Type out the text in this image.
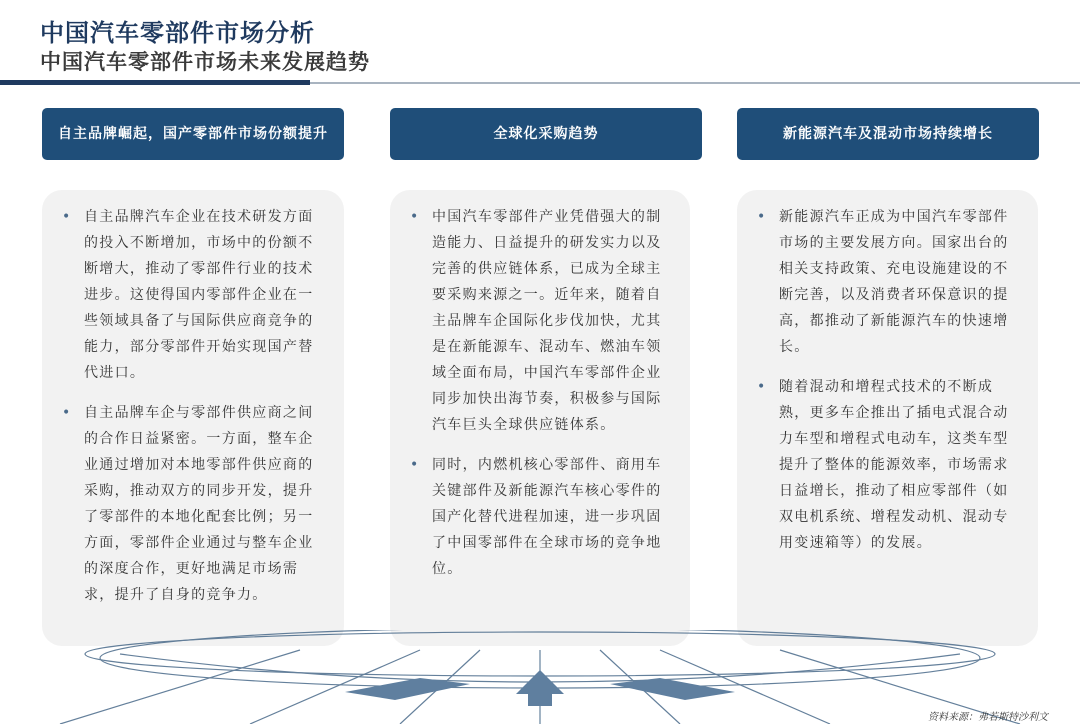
中国汽车零部件市场分析
中国汽车零部件市场未来发展趋势
自主品牌崛起，国产零部件市场份额提升
• 自主品牌汽车企业在技术研发方面的投入不断增加，市场中的份额不断增大，推动了零部件行业的技术进步。这使得国内零部件企业在一些领域具备了与国际供应商竞争的能力，部分零部件开始实现国产替代进口。
• 自主品牌车企与零部件供应商之间的合作日益紧密。一方面，整车企业通过增加对本地零部件供应商的采购，推动双方的同步开发，提升了零部件的本地化配套比例；另一方面，零部件企业通过与整车企业的深度合作，更好地满足市场需求，提升了自身的竞争力。
全球化采购趋势
• 中国汽车零部件产业凭借强大的制造能力、日益提升的研发实力以及完善的供应链体系，已成为全球主要采购来源之一。近年来，随着自主品牌车企国际化步伐加快，尤其是在新能源车、混动车、燃油车领域全面布局，中国汽车零部件企业同步加快出海节奏，积极参与国际汽车巨头全球供应链体系。
• 同时，内燃机核心零部件、商用车关键部件及新能源汽车核心零件的国产化替代进程加速，进一步巩固了中国零部件在全球市场的竞争地位。
新能源汽车及混动市场持续增长
• 新能源汽车正成为中国汽车零部件市场的主要发展方向。国家出台的相关支持政策、充电设施建设的不断完善，以及消费者环保意识的提高，都推动了新能源汽车的快速增长。
• 随着混动和增程式技术的不断成熟，更多车企推出了插电式混合动力车型和增程式电动车，这类车型提升了整体的能源效率，市场需求日益增长，推动了相应零部件（如双电机系统、增程发动机、混动专用变速箱等）的发展。
资料来源：弗若斯特沙利文
